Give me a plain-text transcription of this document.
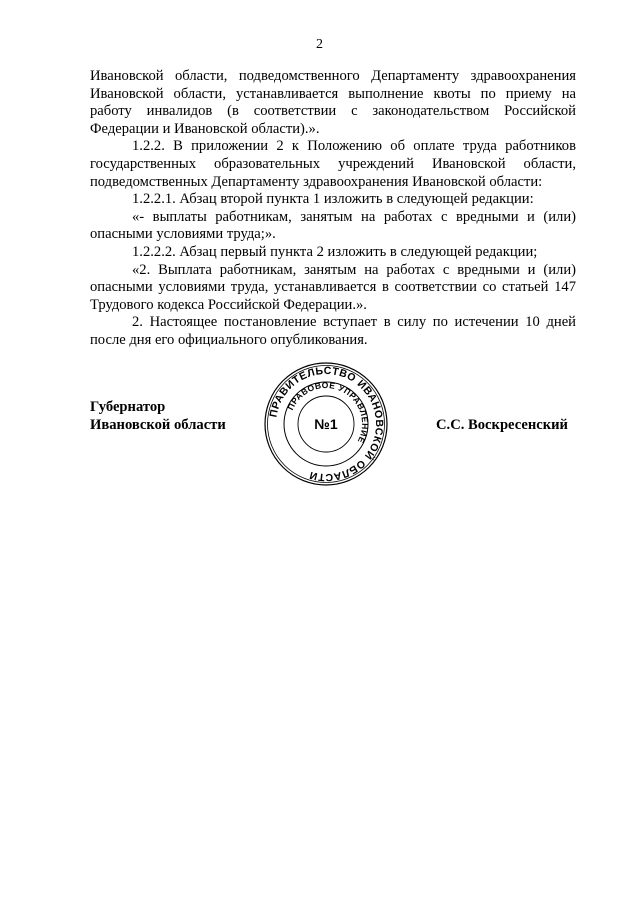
2

Ивановской области, подведомственного Департаменту здравоохранения Ивановской области, устанавливается выполнение квоты по приему на работу инвалидов (в соответствии с законодательством Российской Федерации и Ивановской области).».

1.2.2. В приложении 2 к Положению об оплате труда работников государственных образовательных учреждений Ивановской области, подведомственных Департаменту здравоохранения Ивановской области:

1.2.2.1. Абзац второй пункта 1 изложить в следующей редакции:

«- выплаты работникам, занятым на работах с вредными и (или) опасными условиями труда;».

1.2.2.2. Абзац первый пункта 2 изложить в следующей редакции;

«2. Выплата работникам, занятым на работах с вредными и (или) опасными условиями труда, устанавливается в соответствии со статьей 147 Трудового кодекса Российской Федерации.».

2. Настоящее постановление вступает в силу по истечении 10 дней после дня его официального опубликования.

Губернатор
Ивановской области
ПРАВИТЕЛЬСТВО ИВАНОВСКОЙ ОБЛАСТИ
ПРАВОВОЕ УПРАВЛЕНИЕ
№1	С.С. Воскресенский
